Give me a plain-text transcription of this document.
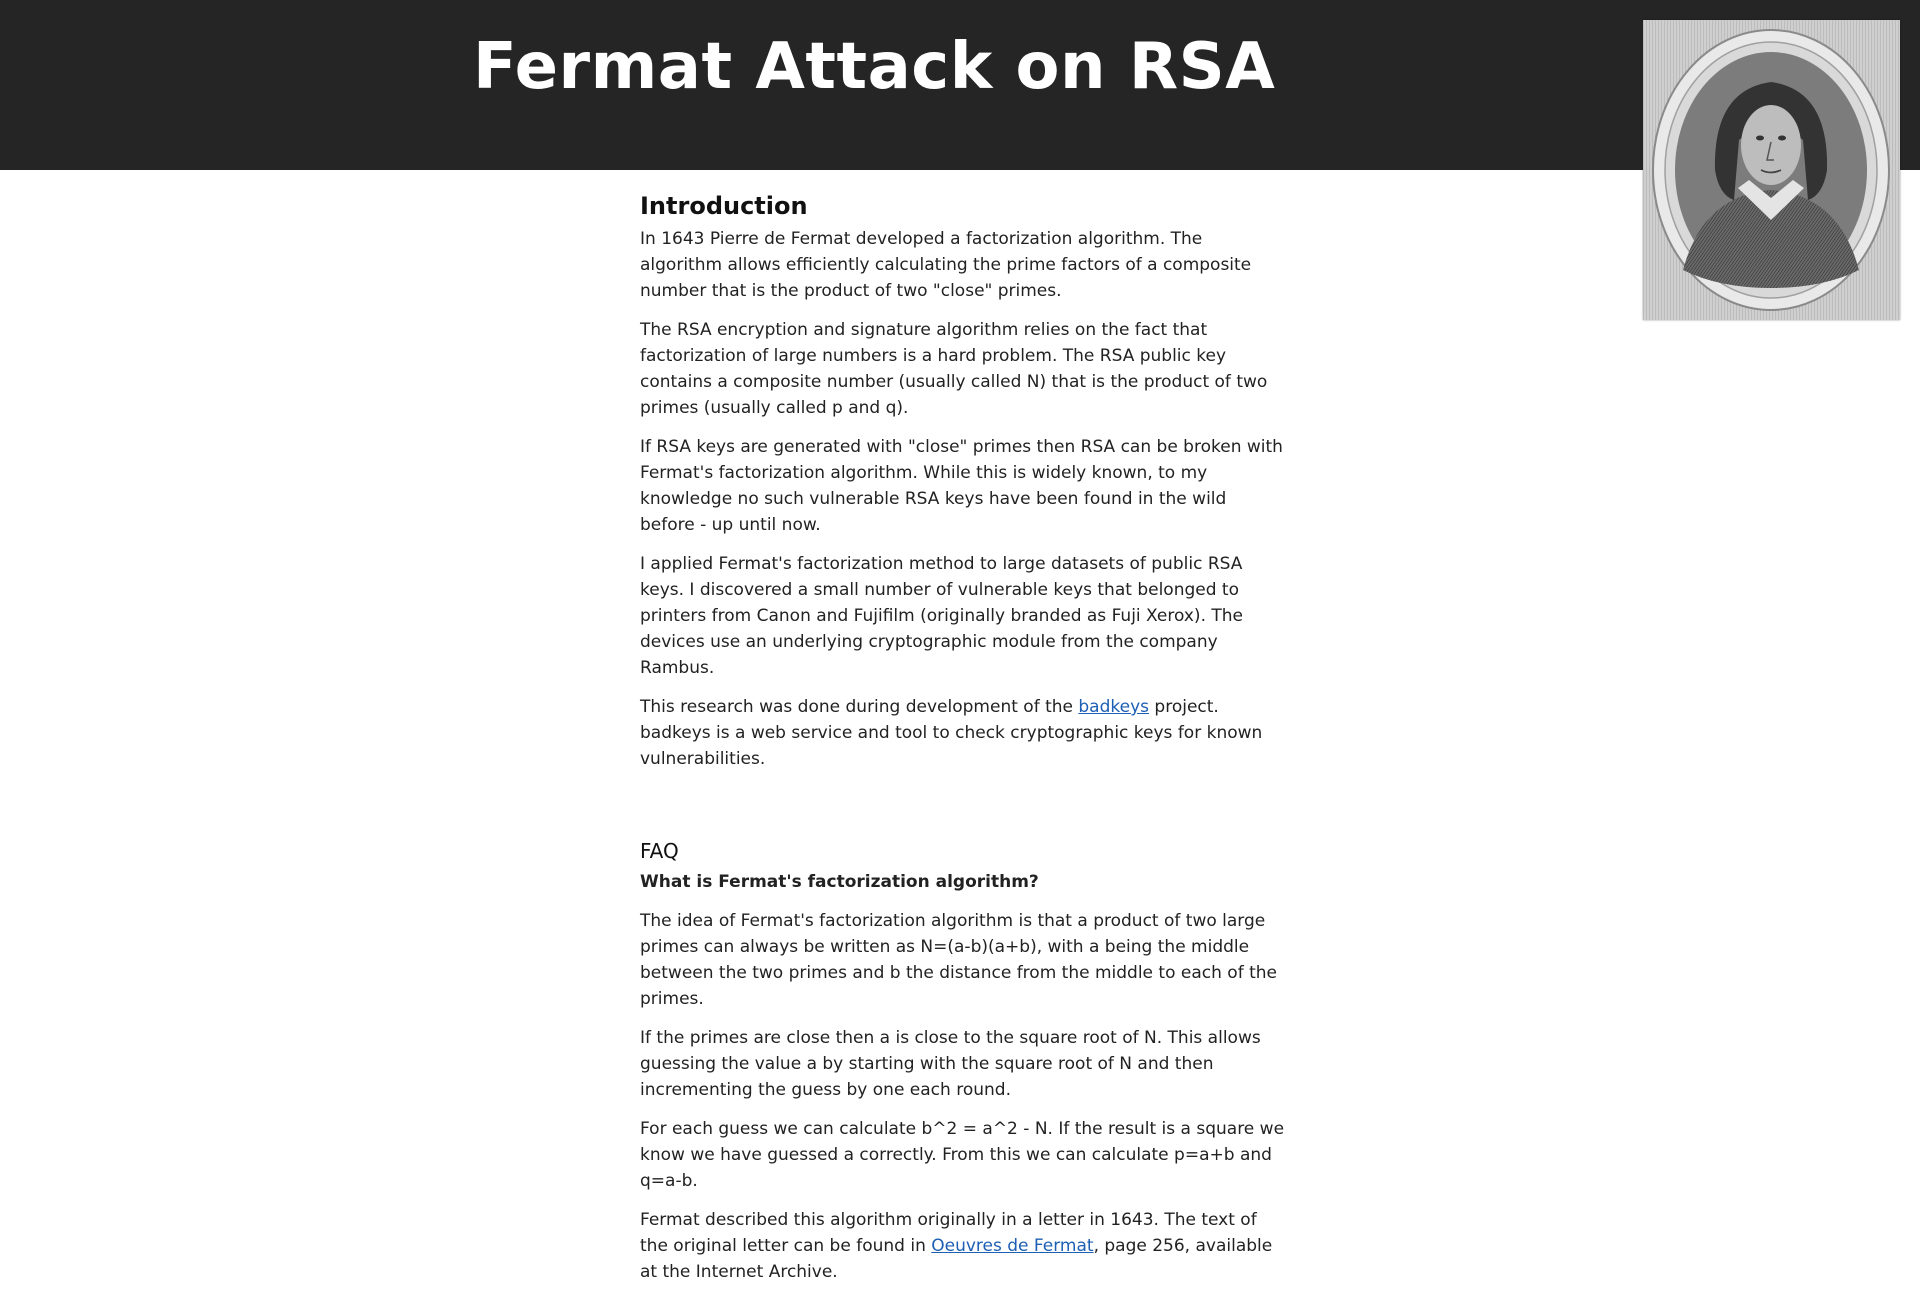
Fermat Attack on RSA
Introduction

In 1643 Pierre de Fermat developed a factorization algorithm. The algorithm allows efficiently calculating the prime factors of a composite number that is the product of two "close" primes.

The RSA encryption and signature algorithm relies on the fact that factorization of large numbers is a hard problem. The RSA public key contains a composite number (usually called N) that is the product of two primes (usually called p and q).

If RSA keys are generated with "close" primes then RSA can be broken with Fermat's factorization algorithm. While this is widely known, to my knowledge no such vulnerable RSA keys have been found in the wild before - up until now.

I applied Fermat's factorization method to large datasets of public RSA keys. I discovered a small number of vulnerable keys that belonged to printers from Canon and Fujifilm (originally branded as Fuji Xerox). The devices use an underlying cryptographic module from the company Rambus.

This research was done during development of the badkeys project. badkeys is a web service and tool to check cryptographic keys for known vulnerabilities.

FAQ

What is Fermat's factorization algorithm?

The idea of Fermat's factorization algorithm is that a product of two large primes can always be written as N=(a-b)(a+b), with a being the middle between the two primes and b the distance from the middle to each of the primes.

If the primes are close then a is close to the square root of N. This allows guessing the value a by starting with the square root of N and then incrementing the guess by one each round.

For each guess we can calculate b^2 = a^2 - N. If the result is a square we know we have guessed a correctly. From this we can calculate p=a+b and q=a-b.

Fermat described this algorithm originally in a letter in 1643. The text of the original letter can be found in Oeuvres de Fermat, page 256, available at the Internet Archive.
